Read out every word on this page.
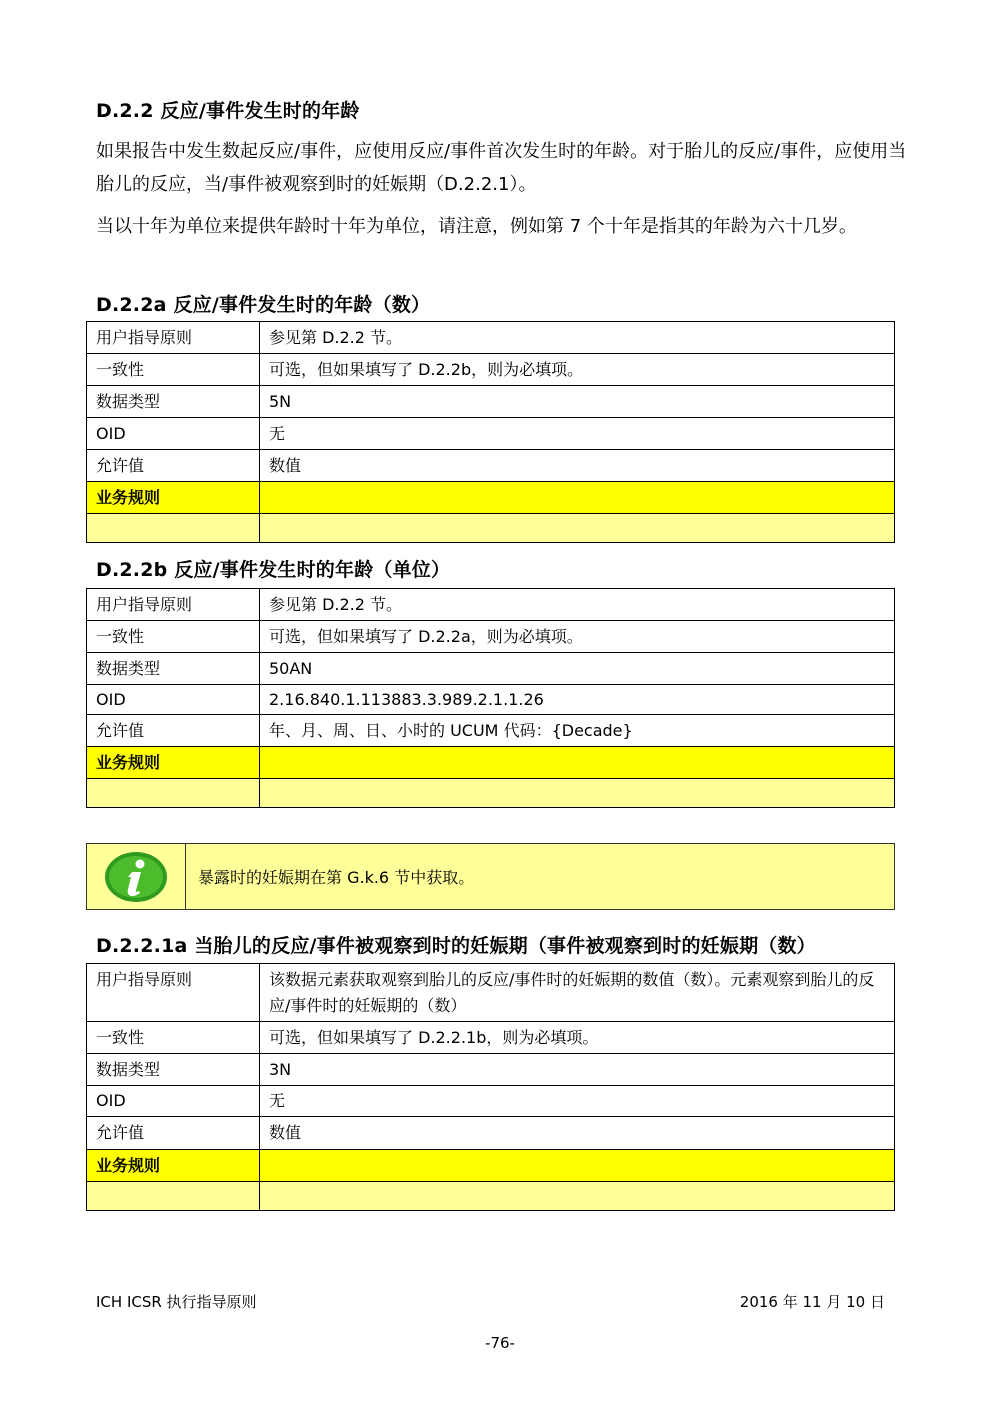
D.2.2 反应/事件发生时的年龄
如果报告中发生数起反应/事件，应使用反应/事件首次发生时的年龄。对于胎儿的反应/事件，应使用当胎儿的反应，当/事件被观察到时的妊娠期（D.2.2.1）。
当以十年为单位来提供年龄时十年为单位，请注意，例如第 7 个十年是指其的年龄为六十几岁。
D.2.2a 反应/事件发生时的年龄（数）
用户指导原则	参见第 D.2.2 节。
一致性	可选，但如果填写了 D.2.2b，则为必填项。
数据类型	5N
OID	无
允许值	数值
业务规则	

D.2.2b 反应/事件发生时的年龄（单位）
用户指导原则	参见第 D.2.2 节。
一致性	可选，但如果填写了 D.2.2a，则为必填项。
数据类型	50AN
OID	2.16.840.1.113883.3.989.2.1.1.26
允许值	年、月、周、日、小时的 UCUM 代码：{Decade}
业务规则	

暴露时的妊娠期在第 G.k.6 节中获取。
D.2.2.1a 当胎儿的反应/事件被观察到时的妊娠期（事件被观察到时的妊娠期（数）
用户指导原则	该数据元素获取观察到胎儿的反应/事件时的妊娠期的数值（数）。元素观察到胎儿的反应/事件时的妊娠期的（数）
一致性	可选，但如果填写了 D.2.2.1b，则为必填项。
数据类型	3N
OID	无
允许值	数值
业务规则	

ICH ICSR 执行指导原则	2016 年 11 月 10 日
-76-
